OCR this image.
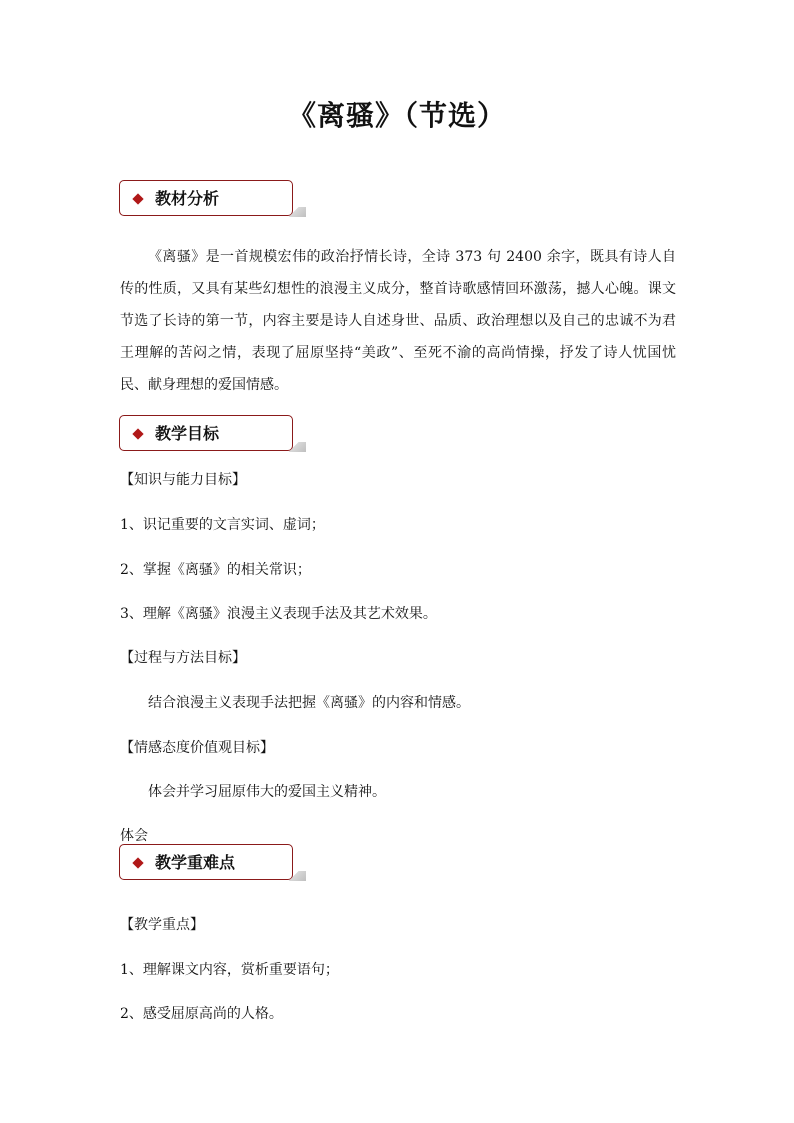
《离骚》（节选）
教材分析

《离骚》是一首规模宏伟的政治抒情长诗，全诗 373 句 2400 余字，既具有诗人自传的性质，又具有某些幻想性的浪漫主义成分，整首诗歌感情回环激荡，撼人心魄。课文节选了长诗的第一节，内容主要是诗人自述身世、品质、政治理想以及自己的忠诚不为君王理解的苦闷之情，表现了屈原坚持“美政”、至死不渝的高尚情操，抒发了诗人忧国忧民、献身理想的爱国情感。

教学目标
【知识与能力目标】
1、识记重要的文言实词、虚词；
2、掌握《离骚》的相关常识；
3、理解《离骚》浪漫主义表现手法及其艺术效果。
【过程与方法目标】
结合浪漫主义表现手法把握《离骚》的内容和情感。
【情感态度价值观目标】
体会并学习屈原伟大的爱国主义精神。
体会
教学重难点
【教学重点】
1、理解课文内容，赏析重要语句；
2、感受屈原高尚的人格。
